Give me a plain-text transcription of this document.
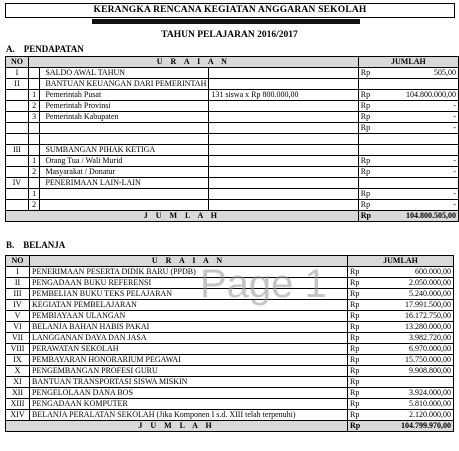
KERANGKA RENCANA KEGIATAN ANGGARAN SEKOLAH
TAHUN PELAJARAN 2016/2017
A. PENDAPATAN
NO	U R A I A N			JUMLAH	
I		SALDO AWAL TAHUN		Rp	505,00
II		BANTUAN KEUANGAN DARI PEMERINTAH			
	1	Pemerintah Pusat	131 siswa x Rp 800.000,00	Rp	104.800.000,00
	2	Pemerintah Provinsi		Rp	-
	3	Pemerintah Kabupaten		Rp	-
				Rp	-

III		SUMBANGAN PIHAK KETIGA			
	1	Orang Tua / Wali Murid		Rp	-
	2	Masyarakat / Donatur		Rp	-
IV		PENERIMAAN LAIN-LAIN			
	1			Rp	-
	2			Rp	-
J U M L A H				Rp	104.800.505,00
B. BELANJA
NO	U R A I A N	JUMLAH	
I	PENERIMAAN PESERTA DIDIK BARU (PPDB)	Rp	600.000,00
II	PENGADAAN BUKU REFERENSI	Rp	2.050.000,00
III	PEMBELIAN BUKU TEKS PELAJARAN	Rp	5.240.000,00
IV	KEGIATAN PEMBELAJARAN	Rp	17.991.500,00
V	PEMBIAYAAN ULANGAN	Rp	16.172.750,00
VI	BELANJA BAHAN HABIS PAKAI	Rp	13.280.000,00
VII	LANGGANAN DAYA DAN JASA	Rp	3.982.720,00
VIII	PERAWATAN SEKOLAH	Rp	6.970.000,00
IX	PEMBAYARAN HONORARIUM PEGAWAI	Rp	15.750.000,00
X	PENGEMBANGAN PROFESI GURU	Rp	9.908.800,00
XI	BANTUAN TRANSPORTASI SISWA MISKIN	Rp	
XII	PENGELOLAAN DANA BOS	Rp	3.924.000,00
XIII	PENGADAAN KOMPUTER	Rp	5.810.000,00
XIV	BELANJA PERALATAN SEKOLAH (Jika Komponen I s.d. XIII telah terpenuhi)	Rp	2.120.000,00
J U M L A H		Rp	104.799.970,00
Page 1
